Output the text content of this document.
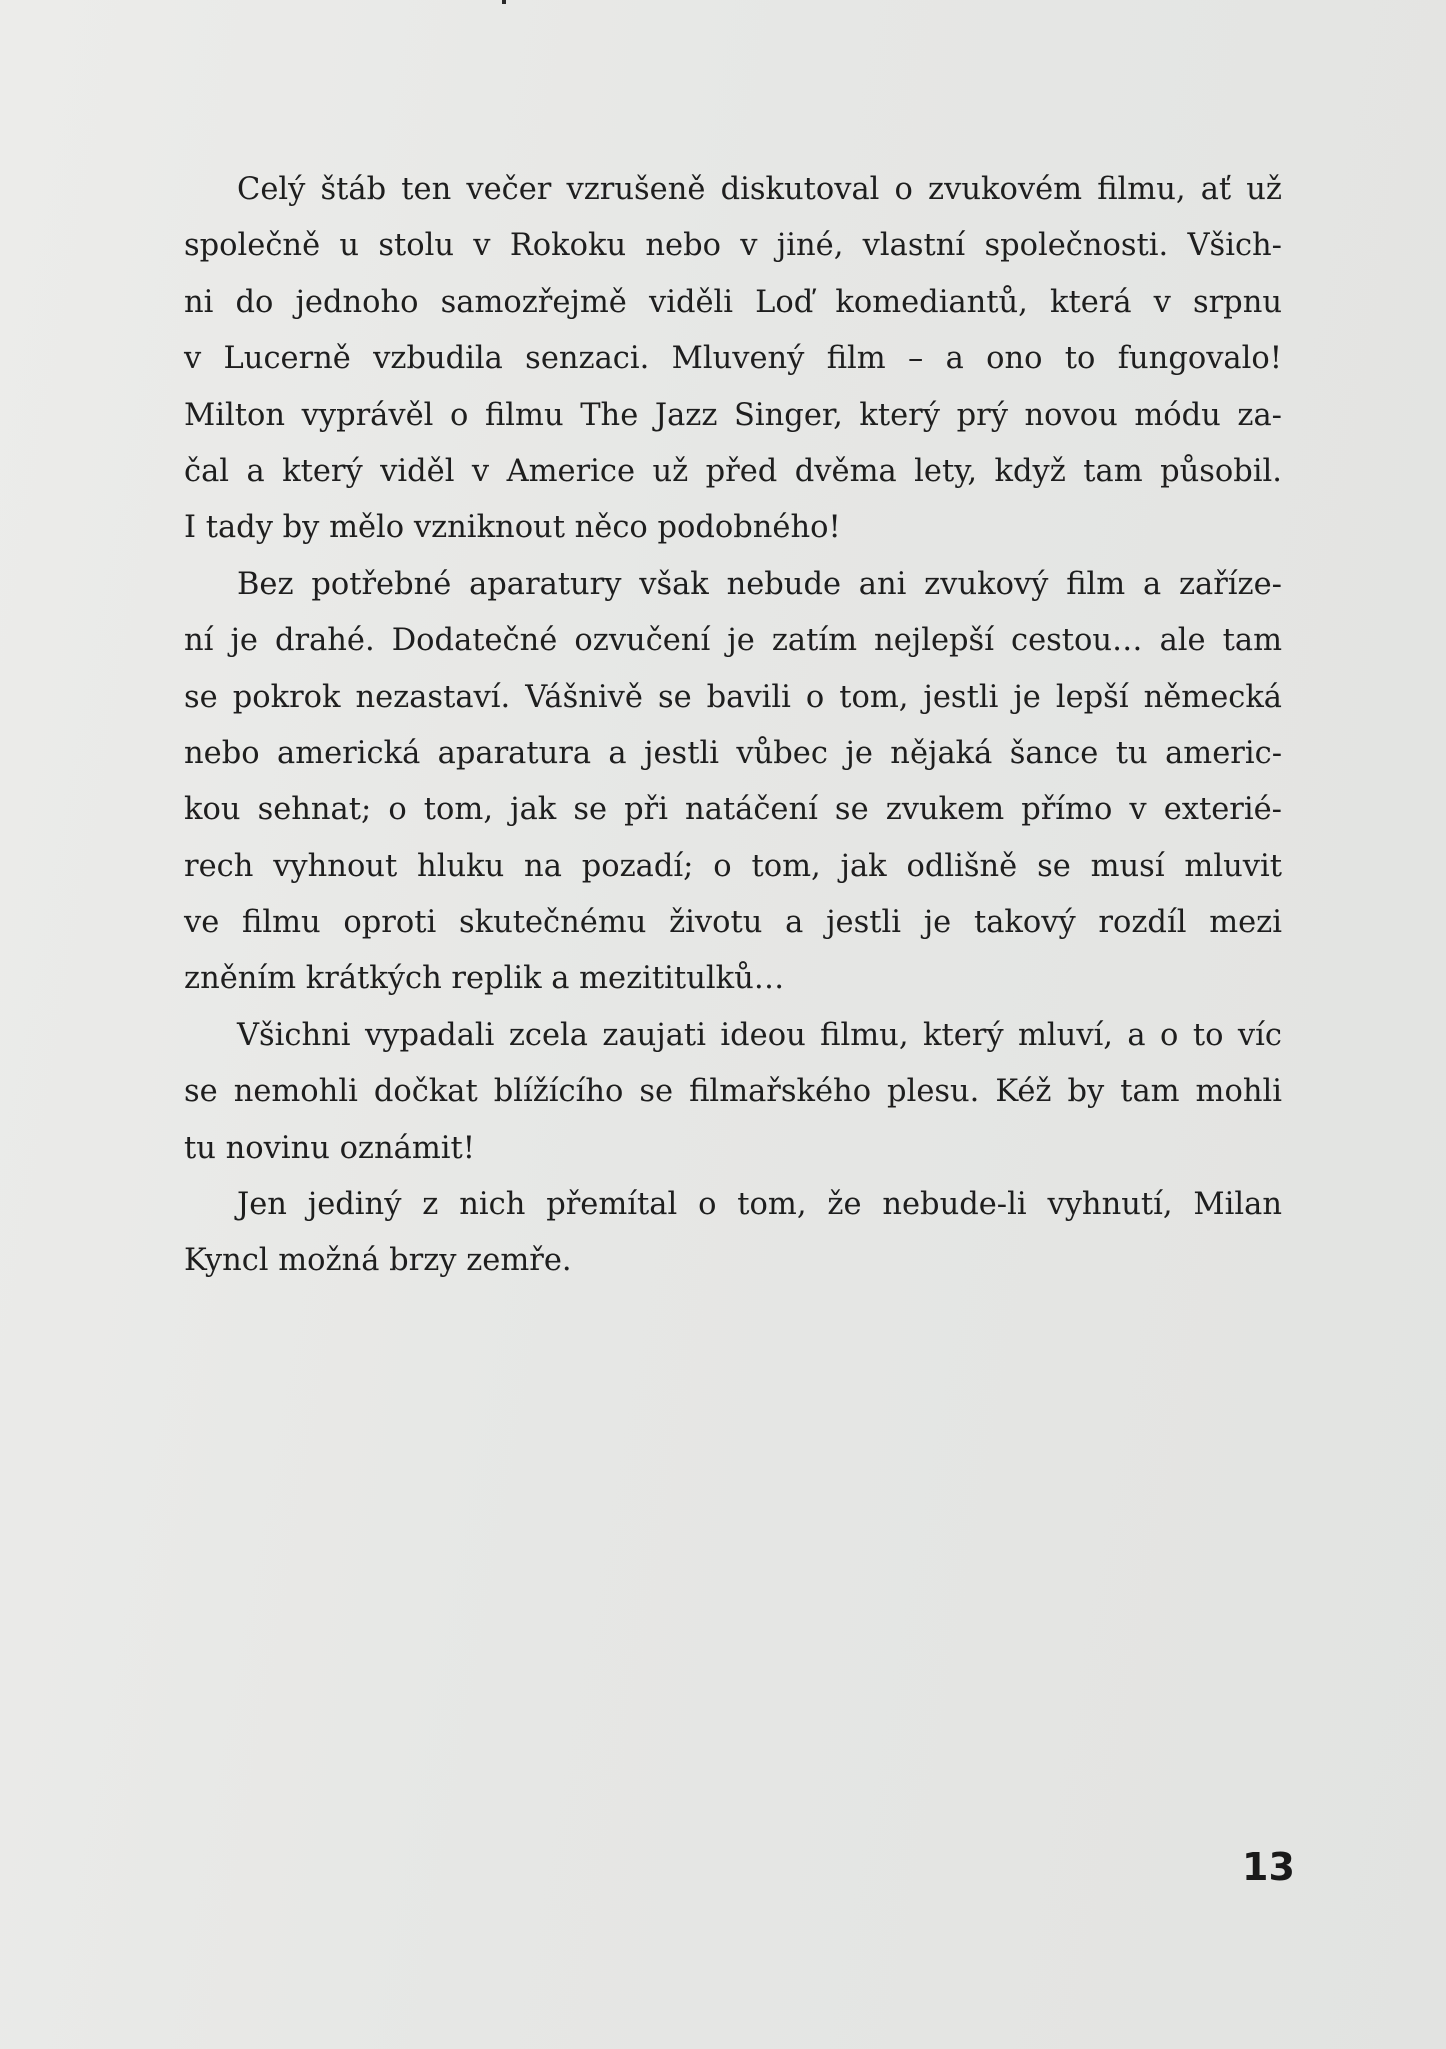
Celý štáb ten večer vzrušeně diskutoval o zvukovém filmu, ať už
společně u stolu v Rokoku nebo v jiné, vlastní společnosti. Všich-
ni do jednoho samozřejmě viděli Loď komediantů, která v srpnu
v Lucerně vzbudila senzaci. Mluvený film – a ono to fungovalo!
Milton vyprávěl o filmu The Jazz Singer, který prý novou módu za-
čal a který viděl v Americe už před dvěma lety, když tam působil.
I tady by mělo vzniknout něco podobného!
Bez potřebné aparatury však nebude ani zvukový film a zaříze-
ní je drahé. Dodatečné ozvučení je zatím nejlepší cestou… ale tam
se pokrok nezastaví. Vášnivě se bavili o tom, jestli je lepší německá
nebo americká aparatura a jestli vůbec je nějaká šance tu americ-
kou sehnat; o tom, jak se při natáčení se zvukem přímo v exterié-
rech vyhnout hluku na pozadí; o tom, jak odlišně se musí mluvit
ve filmu oproti skutečnému životu a jestli je takový rozdíl mezi
zněním krátkých replik a mezititulků…
Všichni vypadali zcela zaujati ideou filmu, který mluví, a o to víc
se nemohli dočkat blížícího se filmařského plesu. Kéž by tam mohli
tu novinu oznámit!
Jen jediný z nich přemítal o tom, že nebude-li vyhnutí, Milan
Kyncl možná brzy zemře.
13
